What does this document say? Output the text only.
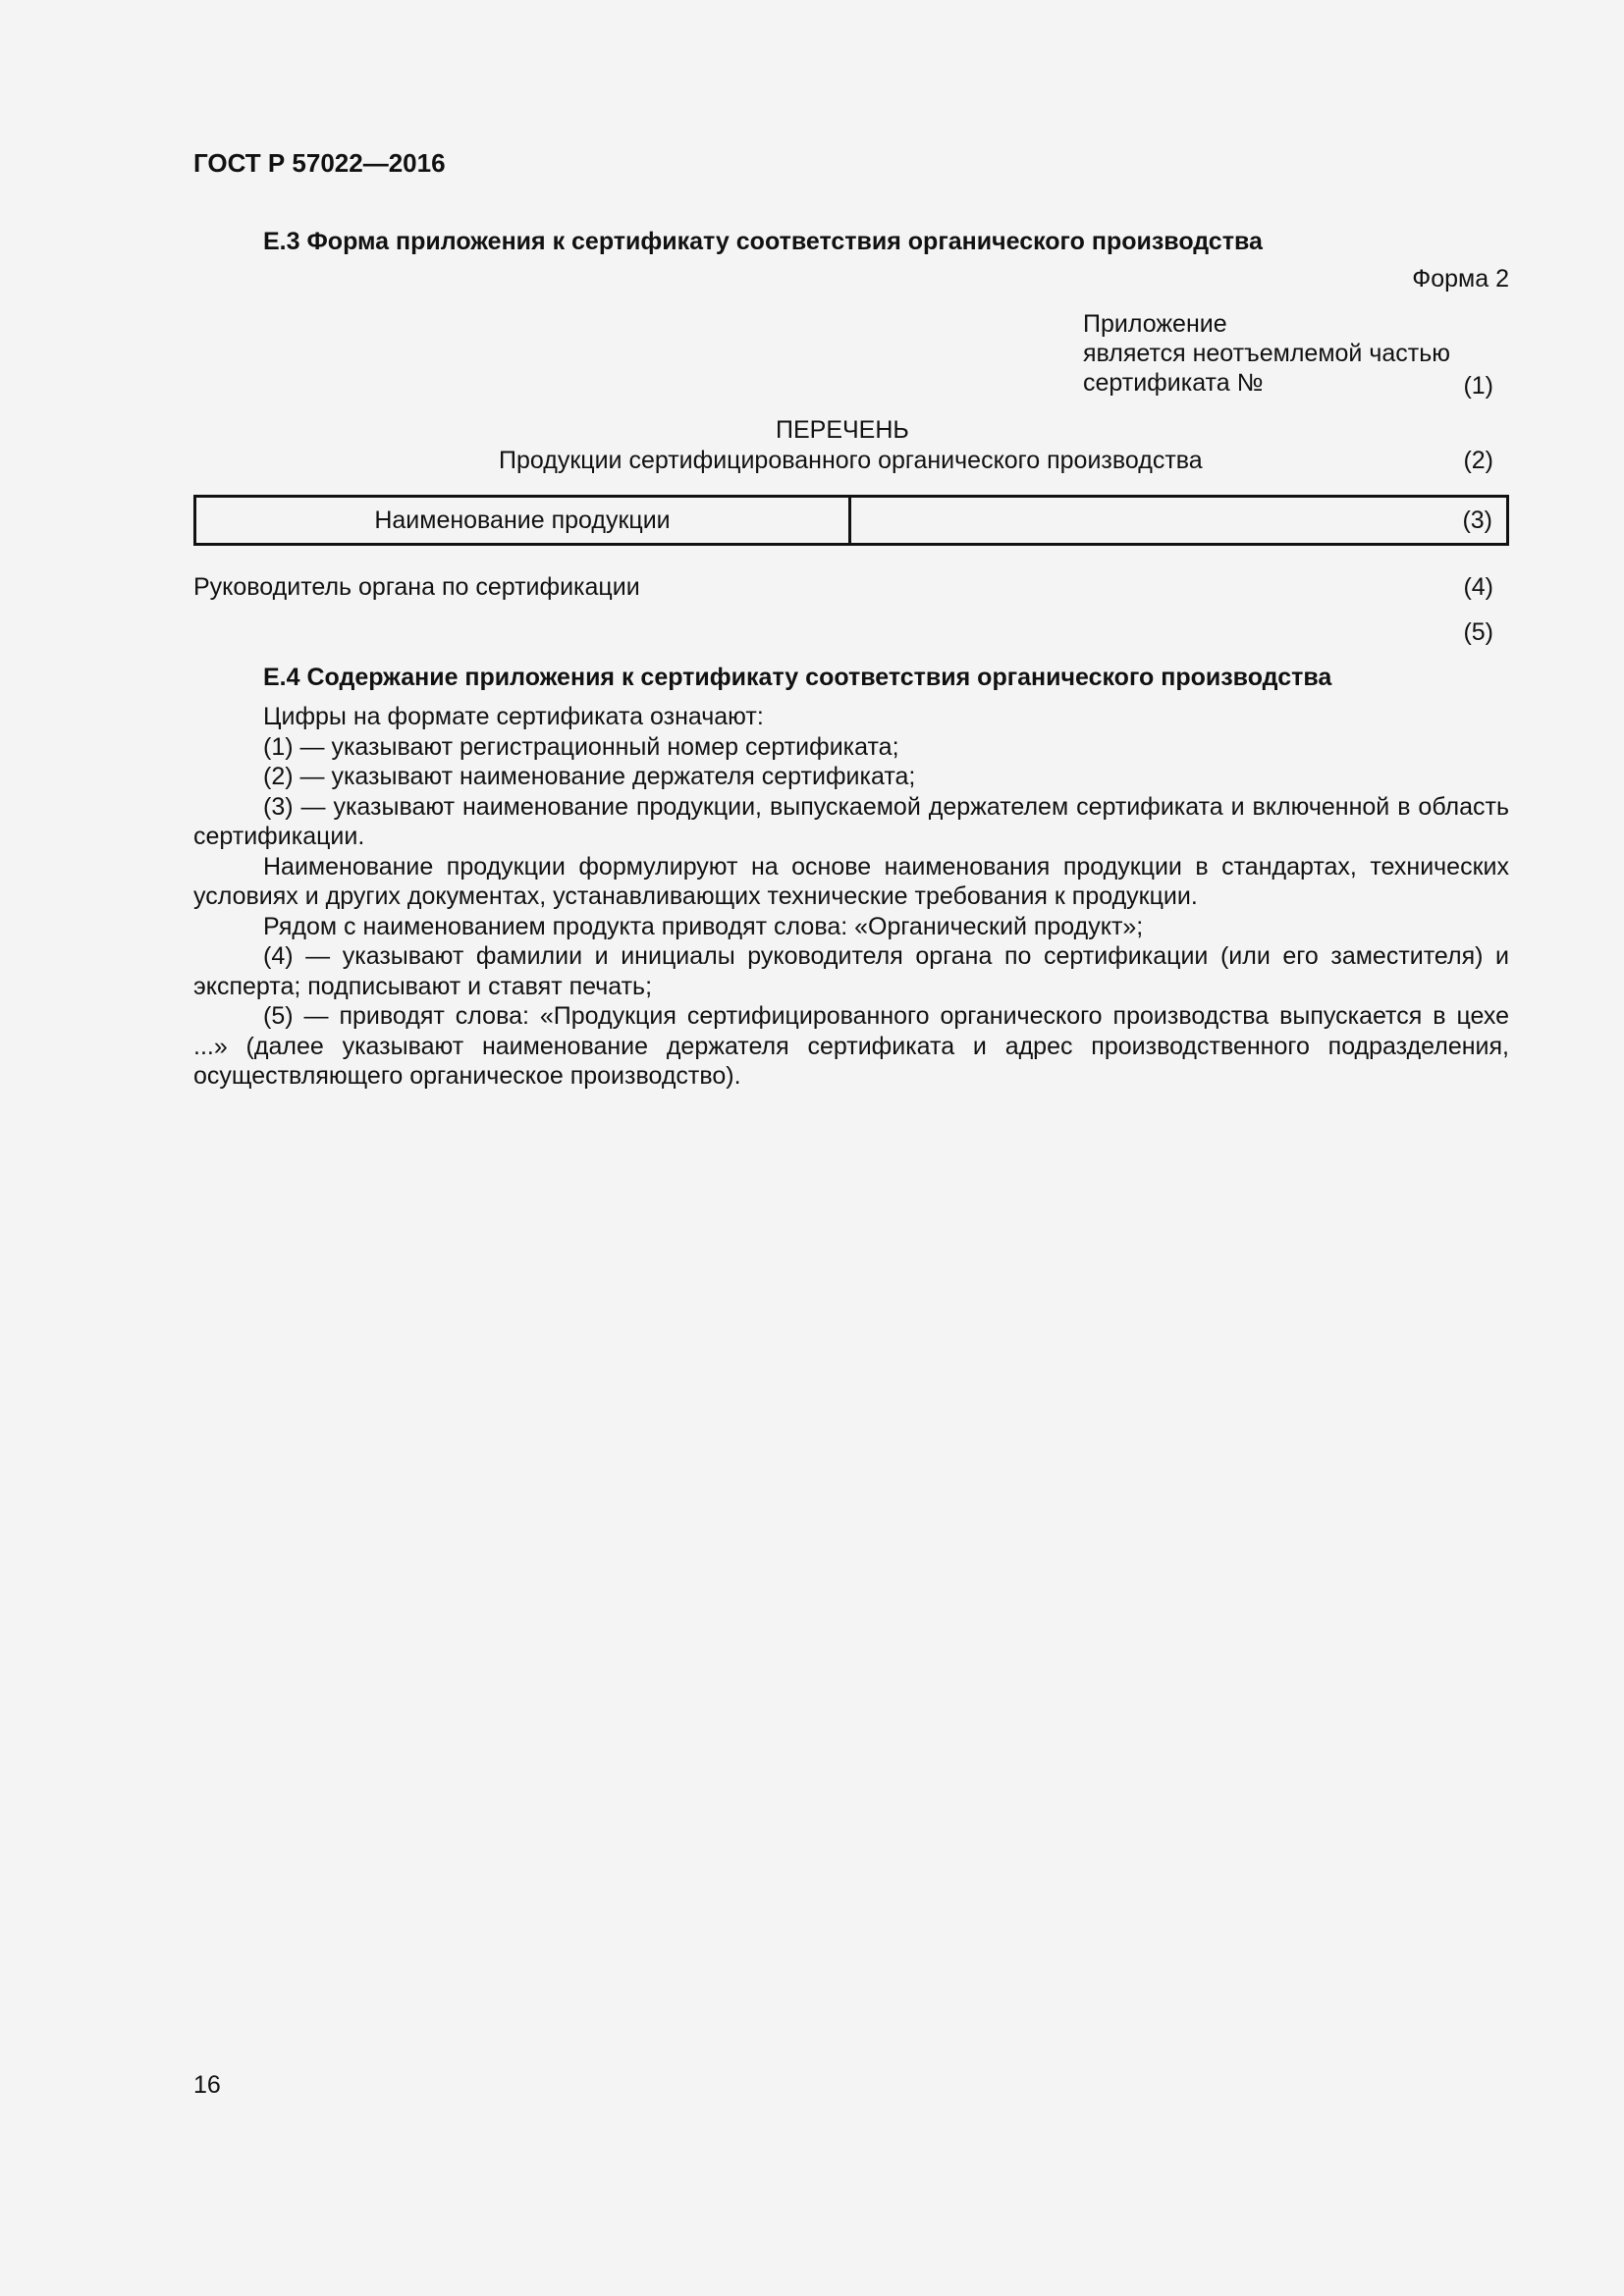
ГОСТ Р 57022—2016
Е.3 Форма приложения к сертификату соответствия органического производства
Форма 2
Приложение
является неотъемлемой частью
сертификата №	(1)
ПЕРЕЧЕНЬ
Продукции сертифицированного органического производства	(2)
Наименование продукции	(3)
Руководитель органа по сертификации	(4)
(5)
Е.4 Содержание приложения к сертификату соответствия органического производства

Цифры на формате сертификата означают:

(1) — указывают регистрационный номер сертификата;

(2) — указывают наименование держателя сертификата;

(3) — указывают наименование продукции, выпускаемой держателем сертификата и включенной в область сертификации.

Наименование продукции формулируют на основе наименования продукции в стандартах, технических условиях и других документах, устанавливающих технические требования к продукции.

Рядом с наименованием продукта приводят слова: «Органический продукт»;

(4) — указывают фамилии и инициалы руководителя органа по сертификации (или его заместителя) и эксперта; подписывают и ставят печать;

(5) — приводят слова: «Продукция сертифицированного органического производства выпускается в цехе ...» (далее указывают наименование держателя сертификата и адрес производственного подразделения, осуществляющего органическое производство).

16
